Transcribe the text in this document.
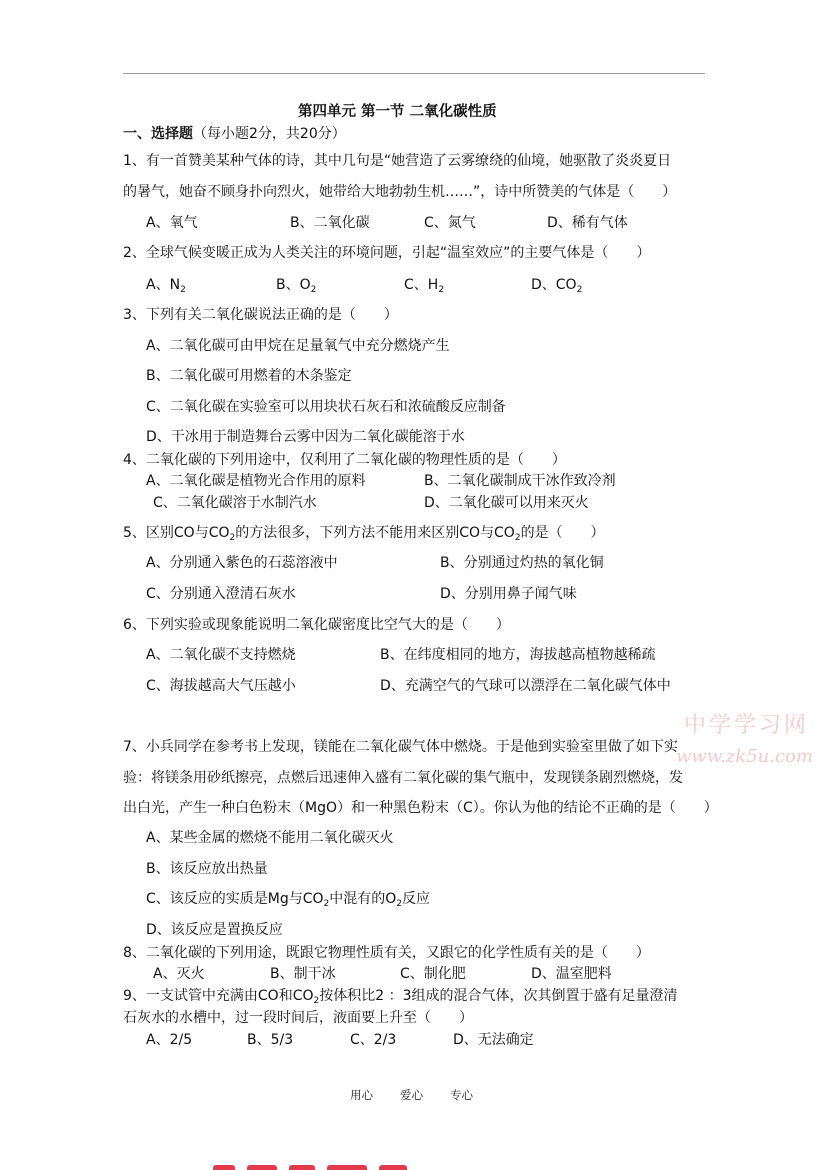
第四单元 第一节 二氧化碳性质
一、选择题（每小题2分，共20分）
1、有一首赞美某种气体的诗，其中几句是“她营造了云雾缭绕的仙境，她驱散了炎炎夏日
的暑气，她奋不顾身扑向烈火，她带给大地勃勃生机……”，诗中所赞美的气体是（　　）
A、氧气	B、二氧化碳	C、氮气	D、稀有气体
2、全球气候变暖正成为人类关注的环境问题，引起“温室效应”的主要气体是（　　）
A、$N_2$	B、$O_2$	C、$H_2$	D、$CO_2$
3、下列有关二氧化碳说法正确的是（　　）
A、二氧化碳可由甲烷在足量氧气中充分燃烧产生
B、二氧化碳可用燃着的木条鉴定
C、二氧化碳在实验室可以用块状石灰石和浓硫酸反应制备
D、干冰用于制造舞台云雾中因为二氧化碳能溶于水
4、二氧化碳的下列用途中，仅利用了二氧化碳的物理性质的是（　　）
A、二氧化碳是植物光合作用的原料	B、二氧化碳制成干冰作致冷剂
C、二氧化碳溶于水制汽水	D、二氧化碳可以用来灭火
5、区别CO与$CO_2$的方法很多，下列方法不能用来区别CO与$CO_2$的是（　　）
A、分别通入紫色的石蕊溶液中	B、分别通过灼热的氧化铜
C、分别通入澄清石灰水	D、分别用鼻子闻气味
6、下列实验或现象能说明二氧化碳密度比空气大的是（　　）
A、二氧化碳不支持燃烧	B、在纬度相同的地方，海拔越高植物越稀疏
C、海拔越高大气压越小	D、充满空气的气球可以漂浮在二氧化碳气体中
中学学习网
www.zk5u.com
7、小兵同学在参考书上发现，镁能在二氧化碳气体中燃烧。于是他到实验室里做了如下实
验：将镁条用砂纸擦亮，点燃后迅速伸入盛有二氧化碳的集气瓶中，发现镁条剧烈燃烧，发
出白光，产生一种白色粉末（MgO）和一种黑色粉末（C）。你认为他的结论不正确的是（　　）
A、某些金属的燃烧不能用二氧化碳灭火
B、该反应放出热量
C、该反应的实质是Mg与$CO_2$中混有的$O_2$反应
D、该反应是置换反应
8、二氧化碳的下列用途，既跟它物理性质有关，又跟它的化学性质有关的是（　　）
A、灭火	B、制干冰	C、制化肥	D、温室肥料
9、一支试管中充满由CO和$CO_2$按体积比2 ：3组成的混合气体，次其倒置于盛有足量澄清
石灰水的水槽中，过一段时间后，液面要上升至（　　）
A、2/5	B、5/3	C、2/3	D、无法确定
用心 爱心 专心
